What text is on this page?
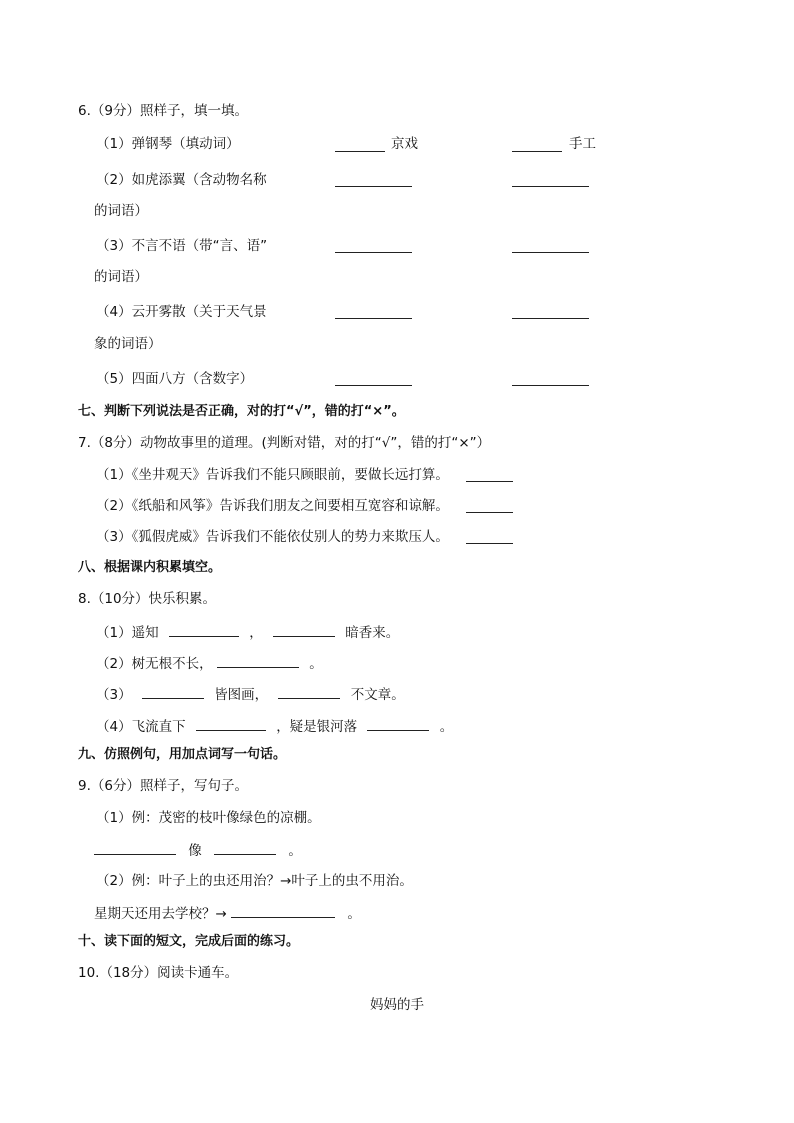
6.（9分）照样子，填一填。
（1）弹钢琴（填动词）	京戏	手工
（2）如虎添翼（含动物名称
的词语）
（3）不言不语（带“言、语”
的词语）
（4）云开雾散（关于天气景
象的词语）
（5）四面八方（含数字）
七、判断下列说法是否正确，对的打“√”，错的打“×”。
7.（8分）动物故事里的道理。(判断对错，对的打“√”，错的打“×”）
（1）《坐井观天》告诉我们不能只顾眼前，要做长远打算。
（2）《纸船和风筝》告诉我们朋友之间要相互宽容和谅解。
（3）《狐假虎威》告诉我们不能依仗别人的势力来欺压人。
八、根据课内积累填空。
8.（10分）快乐积累。
（1）遥知	，	暗香来。
（2）树无根不长，	。
（3）	皆图画，	不文章。
（4）飞流直下	，疑是银河落	。
九、仿照例句，用加点词写一句话。
9.（6分）照样子，写句子。
（1）例：茂密的枝叶像绿色的凉棚。
像	。
（2）例：叶子上的虫还用治？→叶子上的虫不用治。
星期天还用去学校？→	。
十、读下面的短文，完成后面的练习。
10.（18分）阅读卡通车。
妈妈的手
